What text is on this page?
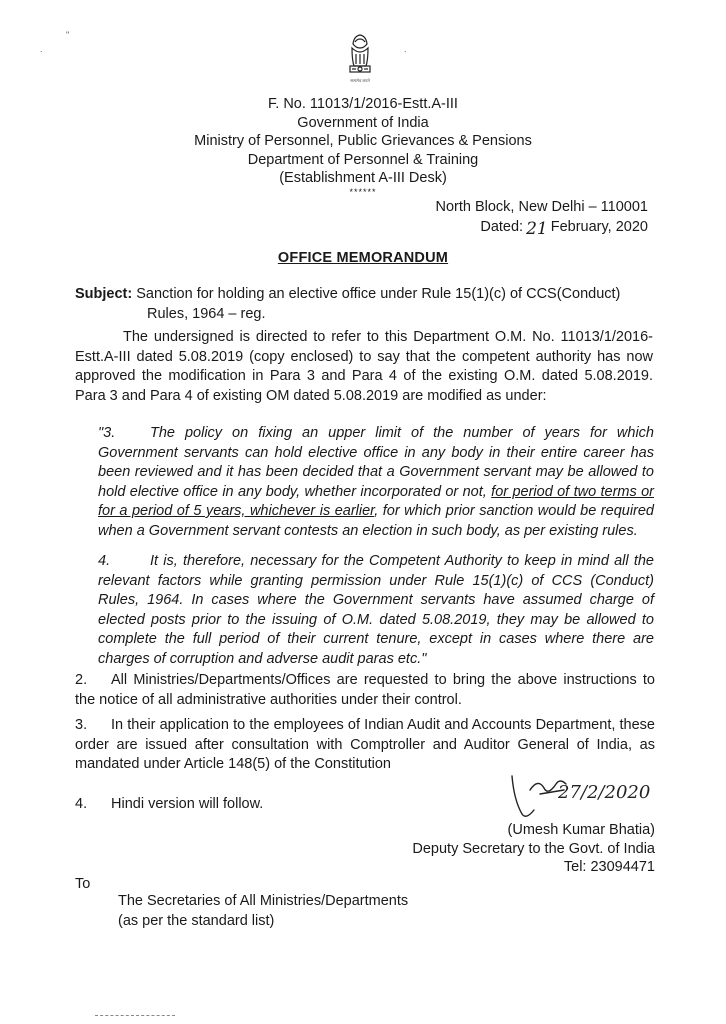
.
"
.
सत्यमेव जयते
F. No. 11013/1/2016-Estt.A-III
Government of India
Ministry of Personnel, Public Grievances & Pensions
Department of Personnel & Training
(Establishment A-III Desk)
******
North Block, New Delhi – 110001
Dated: 21 February, 2020
OFFICE MEMORANDUM
Subject: Sanction for holding an elective office under Rule 15(1)(c) of CCS(Conduct)
Rules, 1964 – reg.
The undersigned is directed to refer to this Department O.M. No. 11013/1/2016-Estt.A-III dated 5.08.2019 (copy enclosed) to say that the competent authority has now approved the modification in Para 3 and Para 4 of the existing O.M. dated 5.08.2019. Para 3 and Para 4 of existing OM dated 5.08.2019 are modified as under:
"3. The policy on fixing an upper limit of the number of years for which Government servants can hold elective office in any body in their entire career has been reviewed and it has been decided that a Government servant may be allowed to hold elective office in any body, whether incorporated or not, for period of two terms or for a period of 5 years, whichever is earlier, for which prior sanction would be required when a Government servant contests an election in such body, as per existing rules.
4.	It is, therefore, necessary for the Competent Authority to keep in mind all the relevant factors while granting permission under Rule 15(1)(c) of CCS (Conduct) Rules, 1964. In cases where the Government servants have assumed charge of elected posts prior to the issuing of O.M. dated 5.08.2019, they may be allowed to complete the full period of their current tenure, except in cases where there are charges of corruption and adverse audit paras etc."
2. All Ministries/Departments/Offices are requested to bring the above instructions to the notice of all administrative authorities under their control.
3. In their application to the employees of Indian Audit and Accounts Department, these order are issued after consultation with Comptroller and Auditor General of India, as mandated under Article 148(5) of the Constitution
4. Hindi version will follow.
27/2/2020
(Umesh Kumar Bhatia)
Deputy Secretary to the Govt. of India
Tel: 23094471
To
The Secretaries of All Ministries/Departments
(as per the standard list)
